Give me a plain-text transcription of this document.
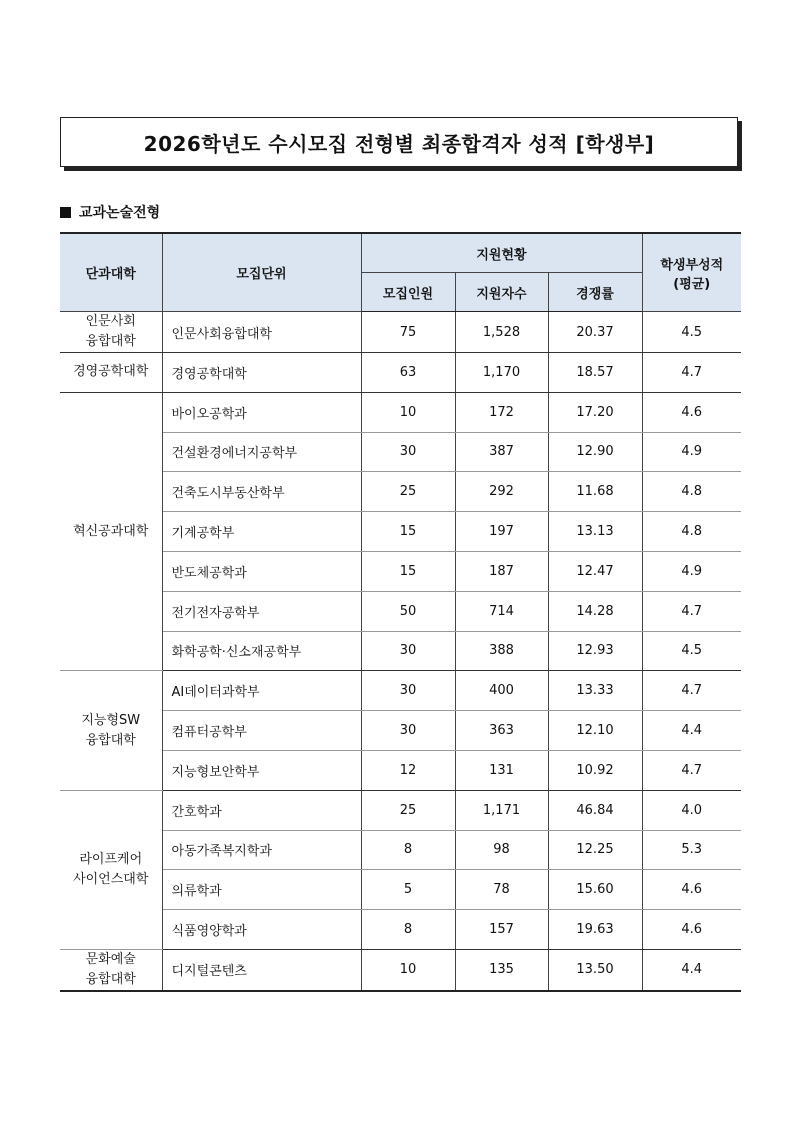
2026학년도 수시모집 전형별 최종합격자 성적 [학생부]
교과논술전형
단과대학	모집단위	지원현황			학생부성적
(평균)

		모집인원	지원자수	경쟁률	

인문사회
융합대학	인문사회융합대학	75	1,528	20.37	4.5

경영공학대학	경영공학대학	63	1,170	18.57	4.7

혁신공과대학	바이오공학과	10	172	17.20	4.6
	건설환경에너지공학부	30	387	12.90	4.9
	건축도시부동산학부	25	292	11.68	4.8
	기계공학부	15	197	13.13	4.8
	반도체공학과	15	187	12.47	4.9
	전기전자공학부	50	714	14.28	4.7
	화학공학·신소재공학부	30	388	12.93	4.5

지능형SW
융합대학	AI데이터과학부	30	400	13.33	4.7
	컴퓨터공학부	30	363	12.10	4.4
	지능형보안학부	12	131	10.92	4.7

라이프케어
사이언스대학	간호학과	25	1,171	46.84	4.0
	아동가족복지학과	8	98	12.25	5.3
	의류학과	5	78	15.60	4.6
	식품영양학과	8	157	19.63	4.6

문화예술
융합대학	디지털콘텐츠	10	135	13.50	4.4
